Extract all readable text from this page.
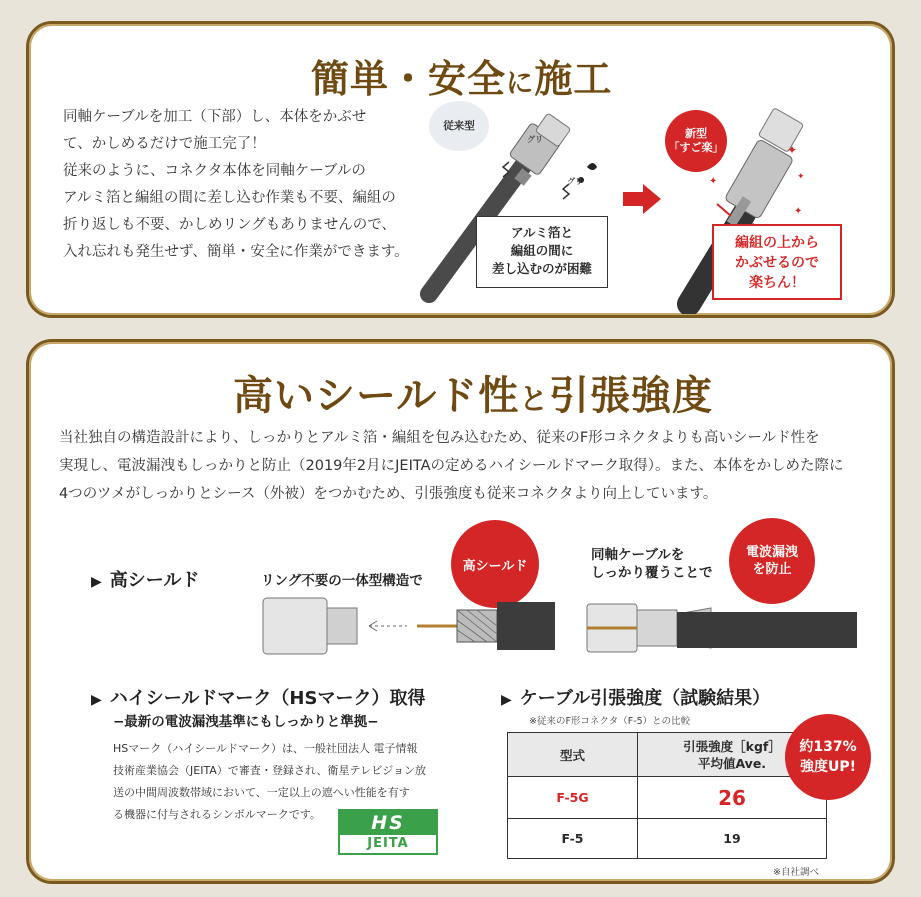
簡単・安全に施工
同軸ケーブルを加工（下部）し、本体をかぶせ
て、かしめるだけで施工完了！
従来のように、コネクタ本体を同軸ケーブルの
アルミ箔と編組の間に差し込む作業も不要、編組の
折り返しも不要、かしめリングもありませんので、
入れ忘れも発生せず、簡単・安全に作業ができます。
従来型
グリ
グリ
アルミ箔と
編組の間に
差し込むのが困難
✦
✦
✦	✦
新型
「すご楽」
編組の上から
かぶせるので
楽ちん！
高いシールド性と引張強度
当社独自の構造設計により、しっかりとアルミ箔・編組を包み込むため、従来のF形コネクタよりも高いシールド性を
実現し、電波漏洩もしっかりと防止（2019年2月にJEITAの定めるハイシールドマーク取得）。また、本体をかしめた際に
4つのツメがしっかりとシース（外被）をつかむため、引張強度も従来コネクタより向上しています。
▶ 高シールド	リング不要の一体型構造で
高シールド
同軸ケーブルを
しっかり覆うことで
電波漏洩
を防止
▶ ハイシールドマーク（HSマーク）取得
−最新の電波漏洩基準にもしっかりと準拠−
HSマーク（ハイシールドマーク）は、一般社団法人 電子情報
技術産業協会（JEITA）で審査・登録され、衛星テレビジョン放
送の中間周波数帯域において、一定以上の遮へい性能を有す
る機器に付与されるシンボルマークです。	HS
JEITA
▶ ケーブル引張強度（試験結果）
※従来のF形コネクタ（F-5）との比較
型式	引張強度［kgf］
平均値Ave.

F-5G	26
F-5	19
約137%
強度UP!
※自社調べ
